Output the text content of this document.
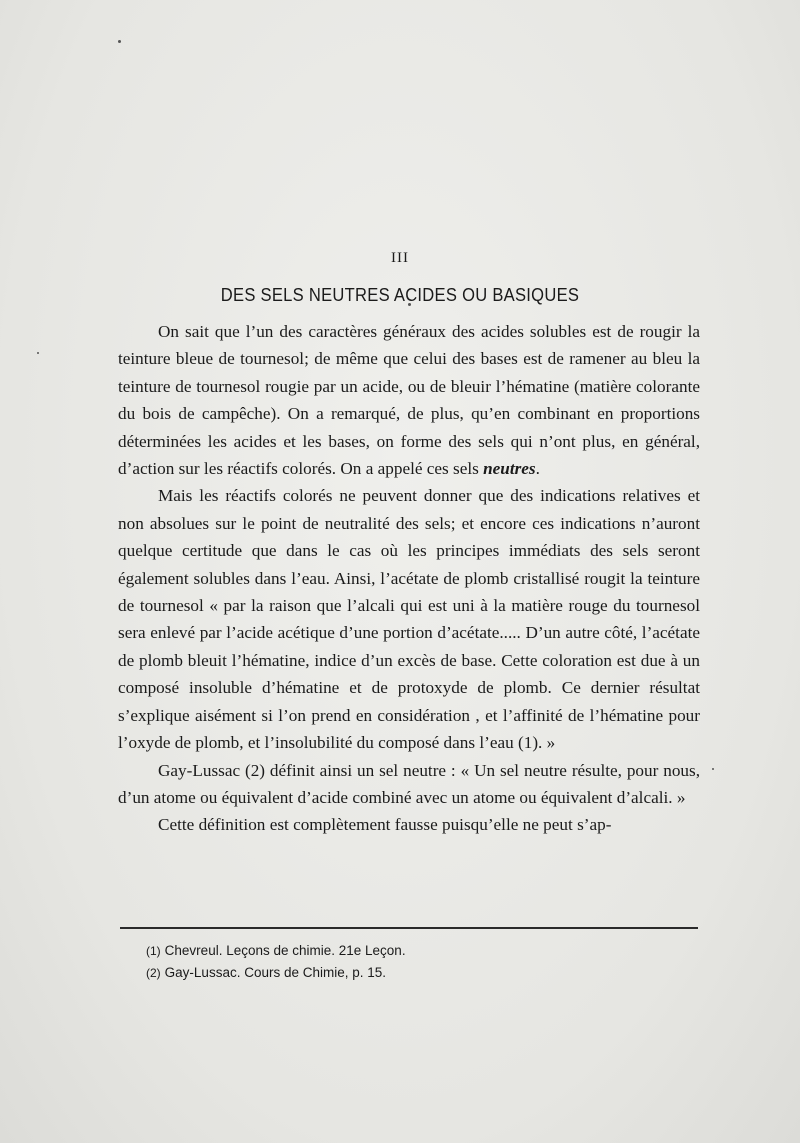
III
DES SELS NEUTRES ACIDES OU BASIQUES

On sait que l’un des caractères généraux des acides solubles est de rougir la teinture bleue de tournesol; de même que celui des bases est de ramener au bleu la teinture de tournesol rougie par un acide, ou de bleuir l’hématine (matière colorante du bois de campêche). On a remarqué, de plus, qu’en combinant en proportions déterminées les acides et les bases, on forme des sels qui n’ont plus, en général, d’action sur les réactifs colorés. On a appelé ces sels neutres.

Mais les réactifs colorés ne peuvent donner que des indications relatives et non absolues sur le point de neutralité des sels; et encore ces indications n’auront quelque certitude que dans le cas où les principes immédiats des sels seront également solubles dans l’eau. Ainsi, l’acétate de plomb cristallisé rougit la teinture de tournesol « par la raison que l’alcali qui est uni à la matière rouge du tournesol sera enlevé par l’acide acétique d’une portion d’acétate..... D’un autre côté, l’acétate de plomb bleuit l’hématine, indice d’un excès de base. Cette coloration est due à un composé insoluble d’hématine et de protoxyde de plomb. Ce dernier résultat s’explique aisément si l’on prend en considération , et l’affinité de l’hématine pour l’oxyde de plomb, et l’insolubilité du composé dans l’eau (1). »

Gay-Lussac (2) définit ainsi un sel neutre : « Un sel neutre résulte, pour nous, d’un atome ou équivalent d’acide combiné avec un atome ou équivalent d’alcali. »

Cette définition est complètement fausse puisqu’elle ne peut s’ap-

(1) Chevreul. Leçons de chimie. 21e Leçon.

(2) Gay-Lussac. Cours de Chimie, p. 15.
